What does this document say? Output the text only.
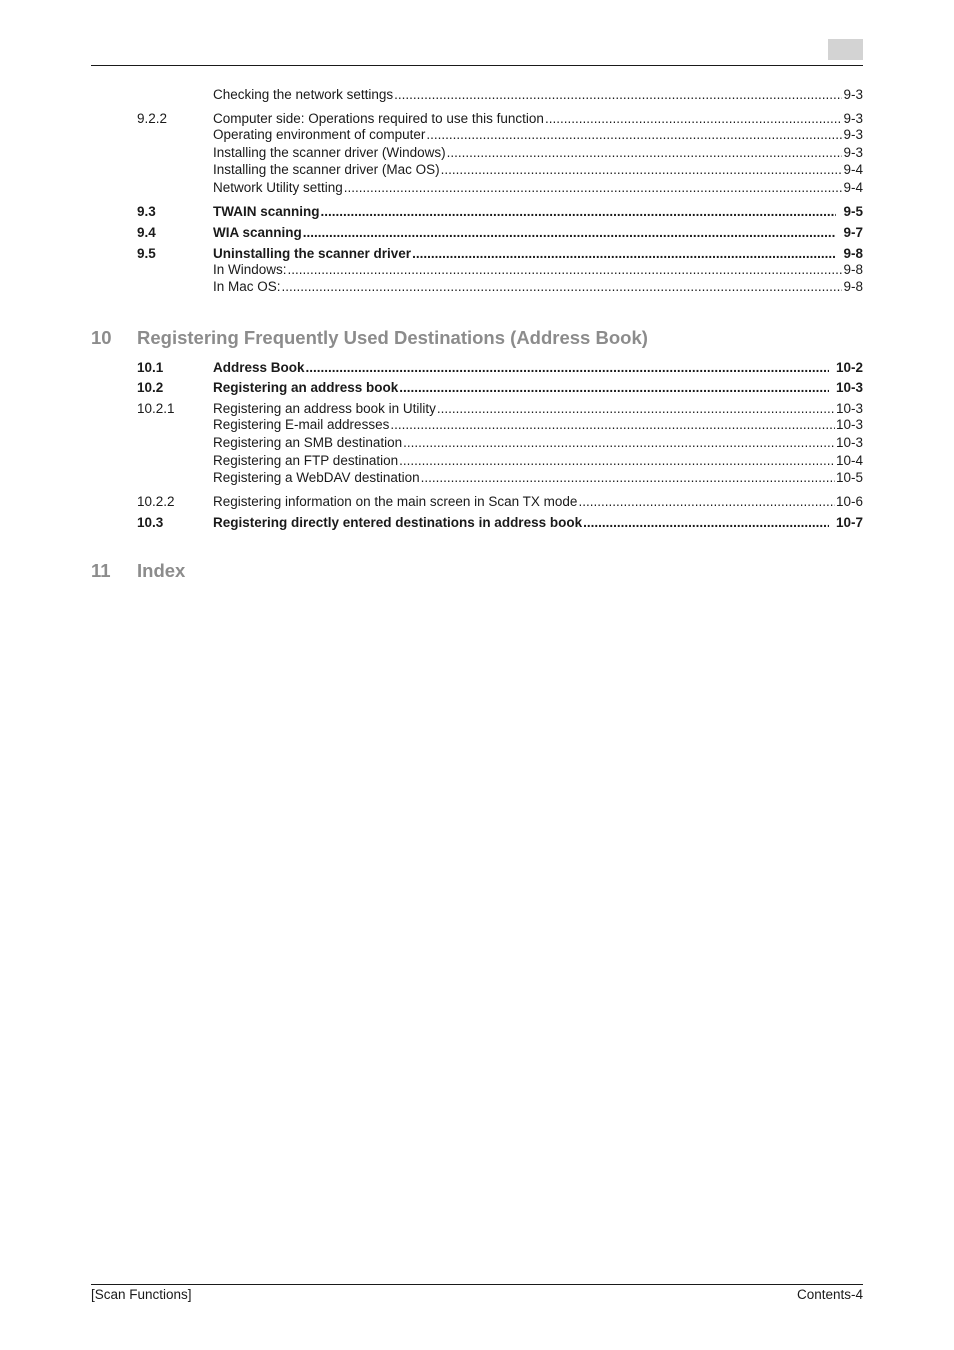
Checking the network settings .....	9-3
9.2.2	Computer side: Operations required to use this function .....	9-3
Operating environment of computer .....	9-3
Installing the scanner driver (Windows) .....	9-3
Installing the scanner driver (Mac OS) .....	9-4
Network Utility setting .....	9-4
9.3	TWAIN scanning .....	9-5
9.4	WIA scanning .....	9-7
9.5	Uninstalling the scanner driver .....	9-8
In Windows: .....	9-8
In Mac OS: .....	9-8
10 Registering Frequently Used Destinations (Address Book)
10.1	Address Book .....	10-2
10.2	Registering an address book .....	10-3
10.2.1	Registering an address book in Utility .....	10-3
Registering E-mail addresses .....	10-3
Registering an SMB destination .....	10-3
Registering an FTP destination .....	10-4
Registering a WebDAV destination .....	10-5
10.2.2	Registering information on the main screen in Scan TX mode .....	10-6
10.3	Registering directly entered destinations in address book .....	10-7
11 Index
[Scan Functions]	Contents-4
